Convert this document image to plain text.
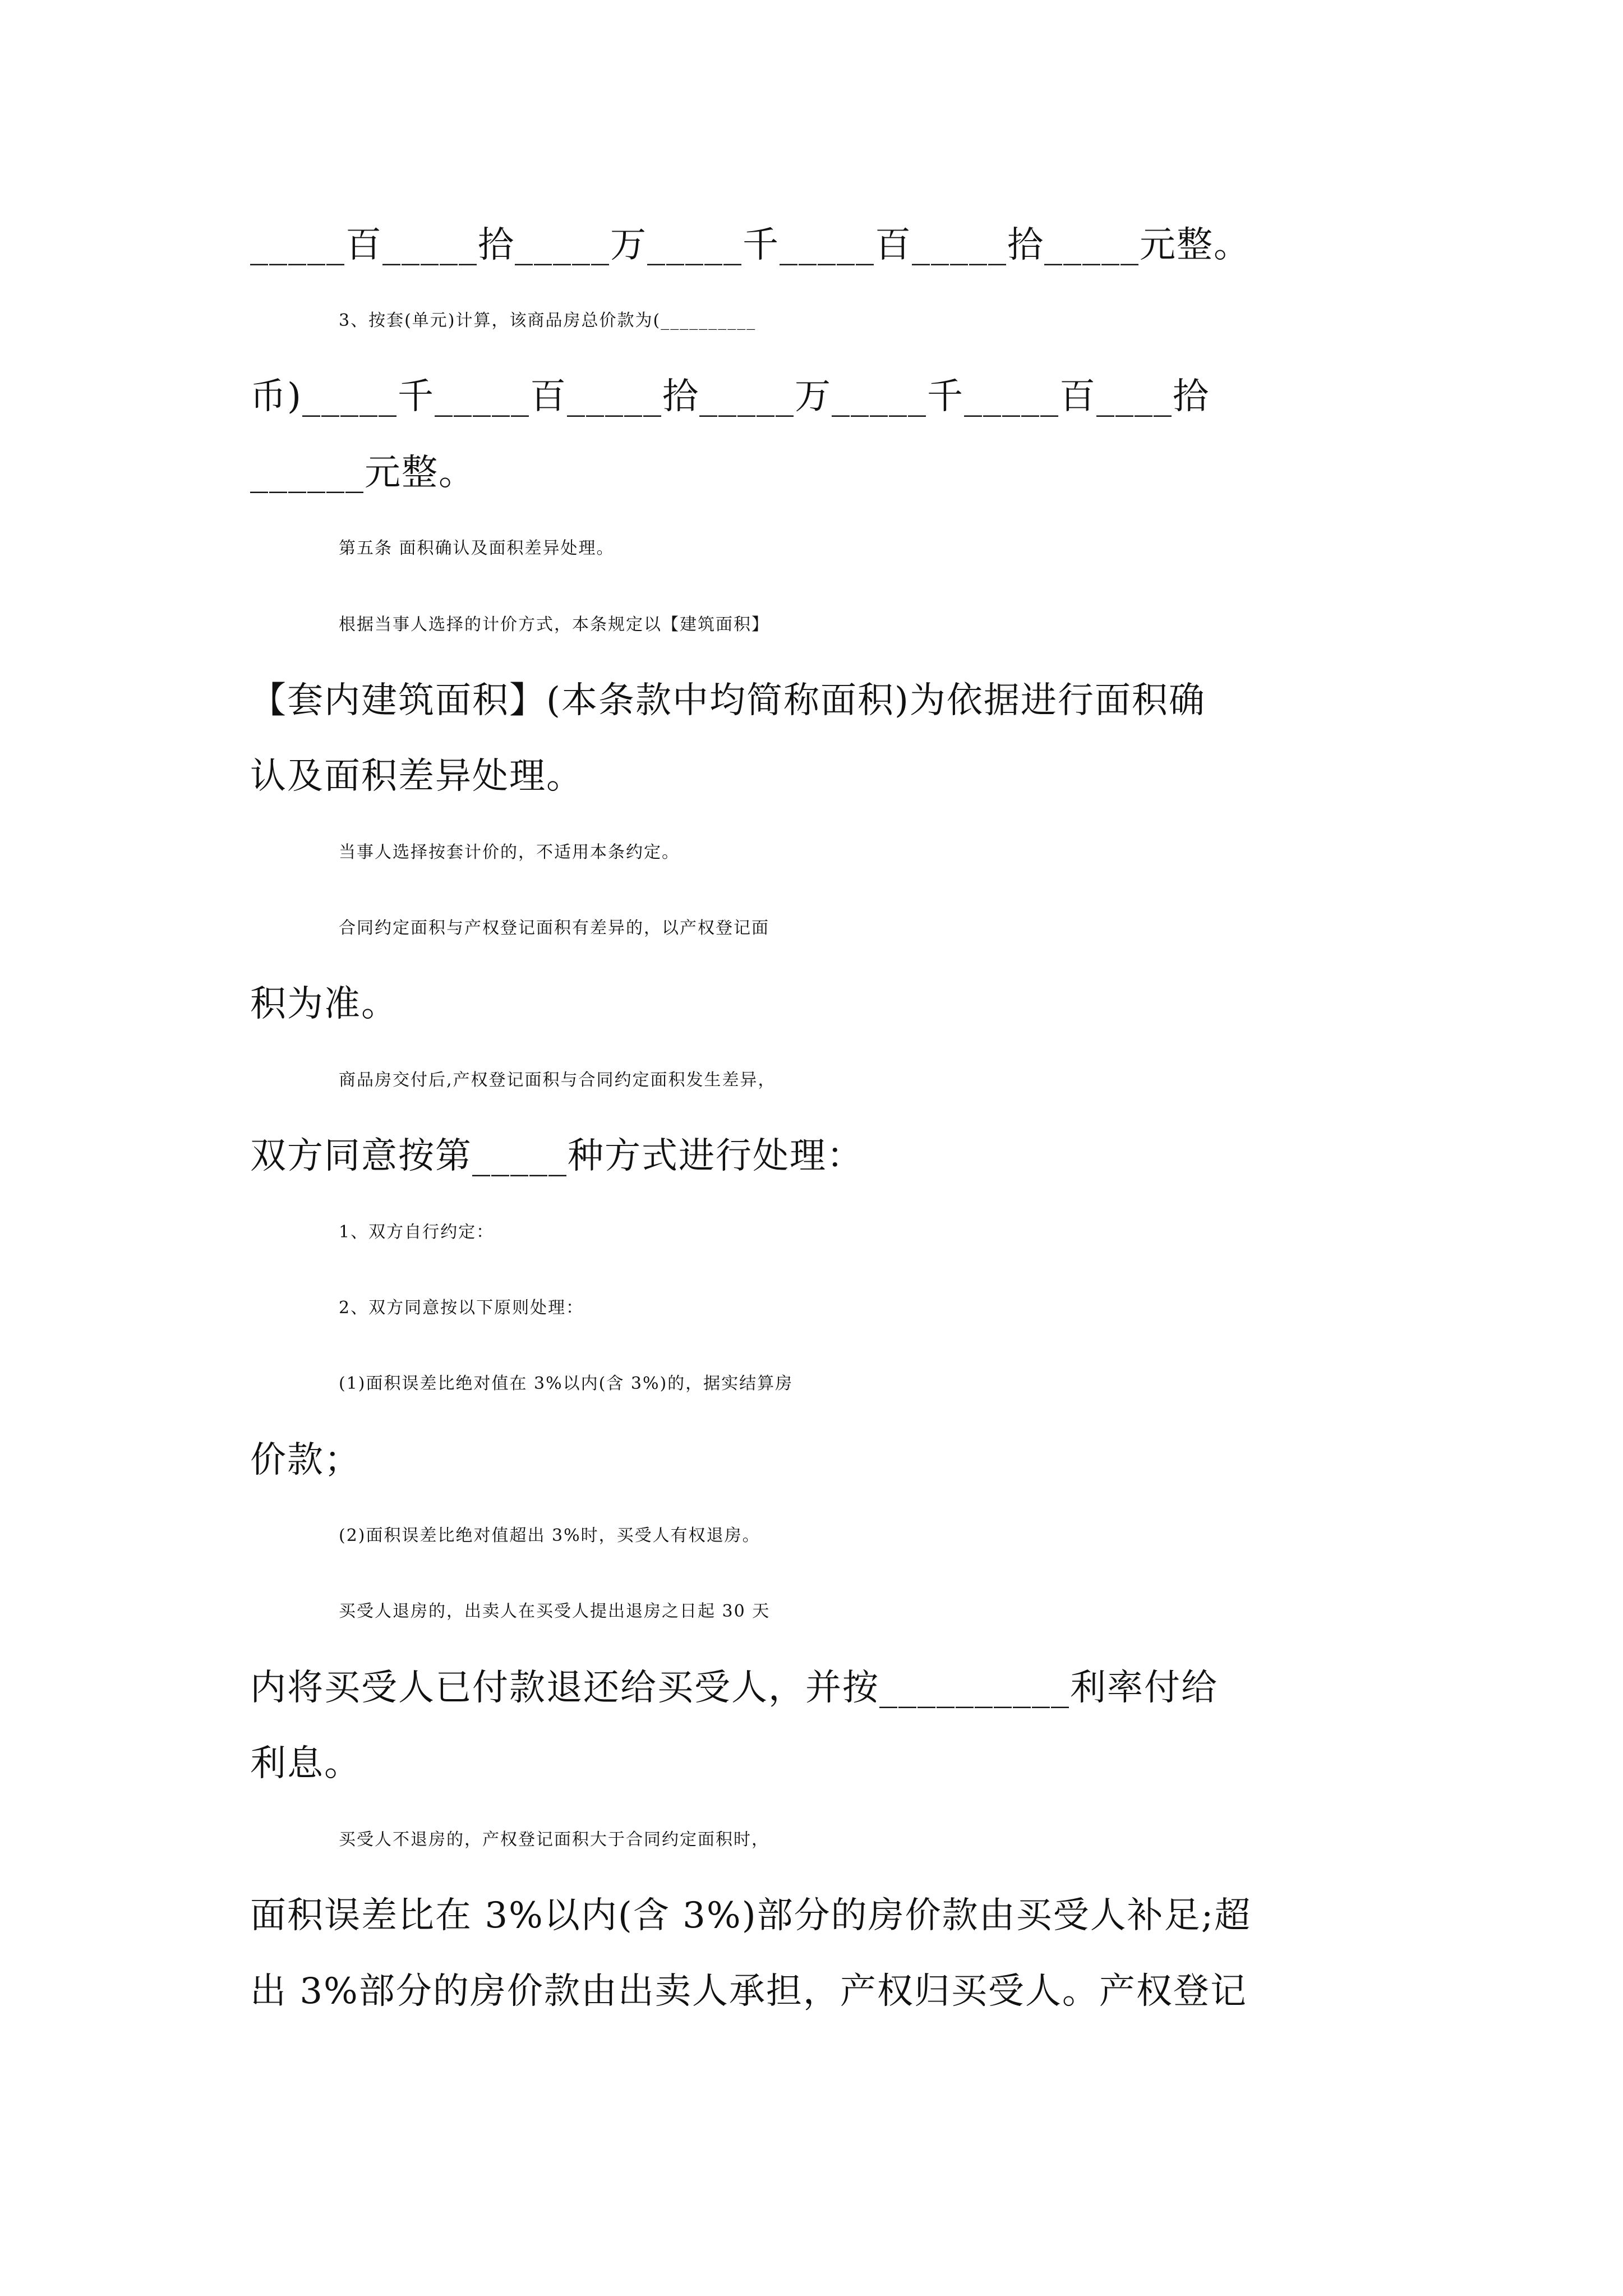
_____百_____拾_____万_____千_____百_____拾_____元整。
3、按套(单元)计算，该商品房总价款为(__________
币)_____千_____百_____拾_____万_____千_____百____拾
______元整。
第五条 面积确认及面积差异处理。
根据当事人选择的计价方式，本条规定以【建筑面积】
【套内建筑面积】(本条款中均简称面积)为依据进行面积确
认及面积差异处理。
当事人选择按套计价的，不适用本条约定。
合同约定面积与产权登记面积有差异的，以产权登记面
积为准。
商品房交付后,产权登记面积与合同约定面积发生差异，
双方同意按第_____种方式进行处理：
1、双方自行约定：
2、双方同意按以下原则处理：
(1)面积误差比绝对值在 3%以内(含 3%)的，据实结算房
价款；
(2)面积误差比绝对值超出 3%时，买受人有权退房。
买受人退房的，出卖人在买受人提出退房之日起 30 天
内将买受人已付款退还给买受人，并按__________利率付给
利息。
买受人不退房的，产权登记面积大于合同约定面积时，
面积误差比在 3%以内(含 3%)部分的房价款由买受人补足;超
出 3%部分的房价款由出卖人承担，产权归买受人。产权登记
